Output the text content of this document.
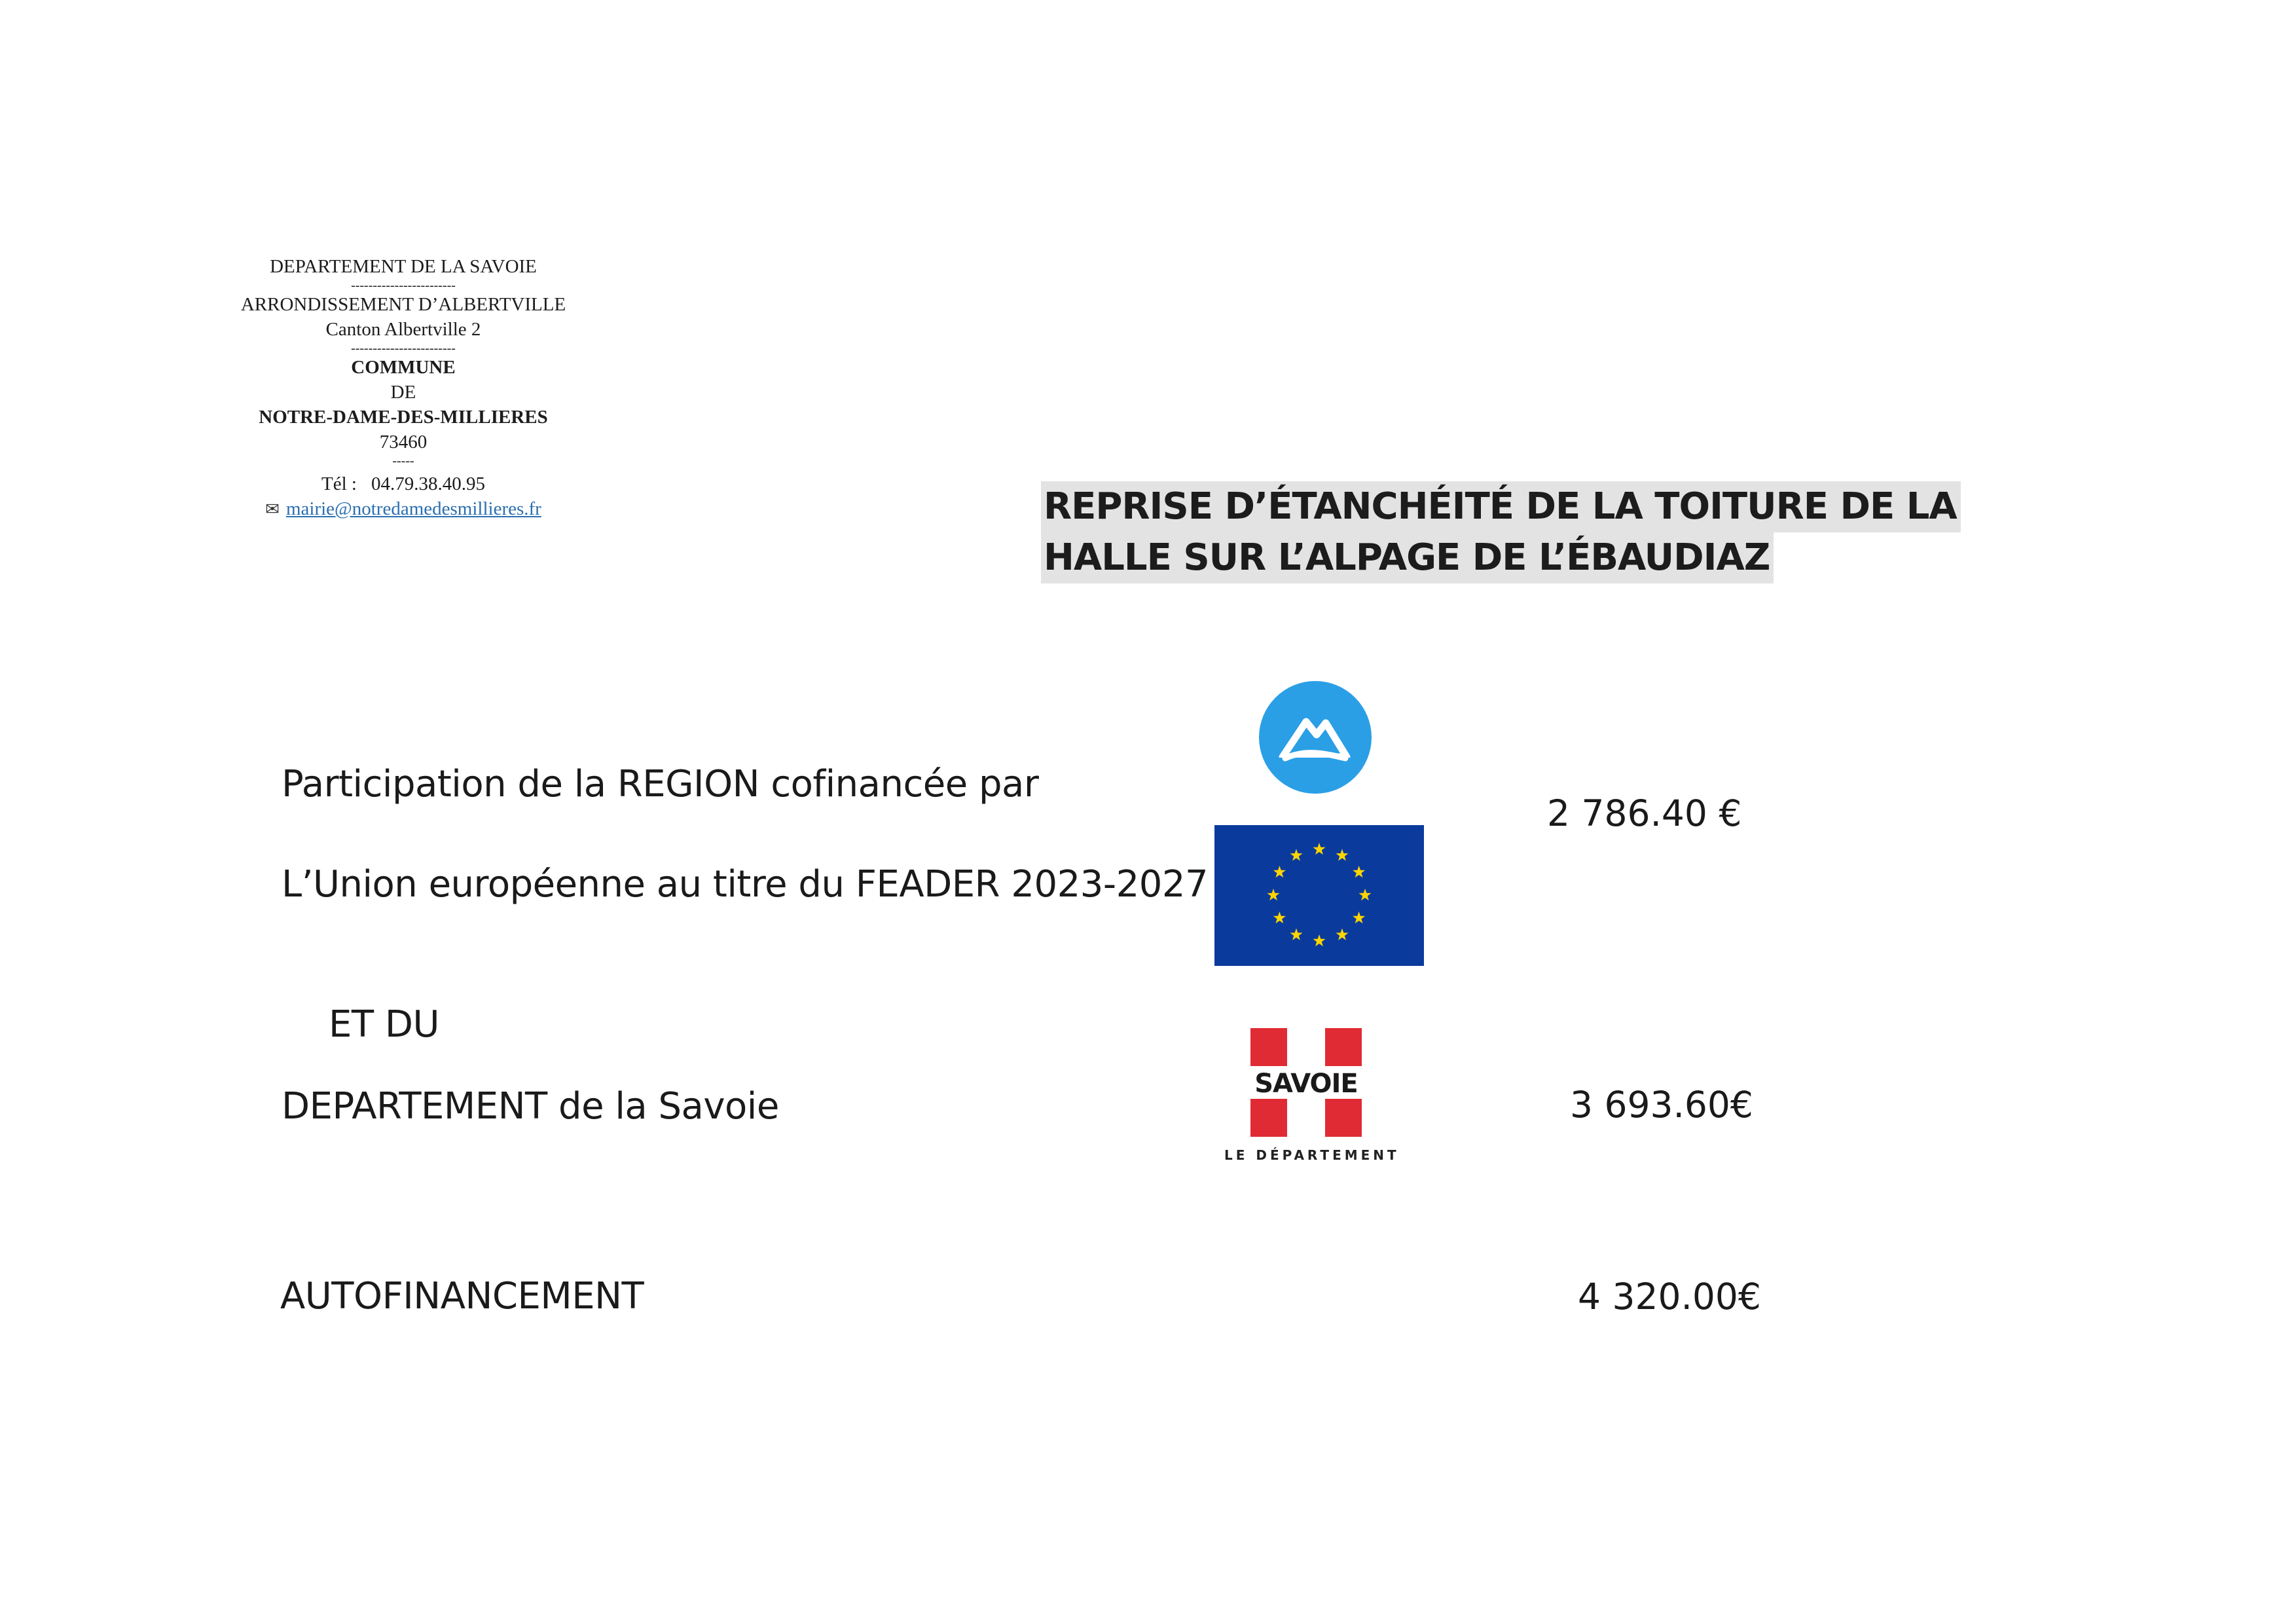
DEPARTEMENT DE LA SAVOIE
------------------------
ARRONDISSEMENT D’ALBERTVILLE
Canton Albertville 2
------------------------
COMMUNE
DE
NOTRE-DAME-DES-MILLIERES
73460
-----
Tél : 04.79.38.40.95
✉ mairie@notredamedesmillieres.fr	REPRISE D’ÉTANCHÉITÉ DE LA TOITURE DE LA
HALLE SUR L’ALPAGE DE L’ÉBAUDIAZ
Participation de la REGION cofinancée par
L’Union européenne au titre du FEADER 2023-2027
2 786.40 €
ET DU
DEPARTEMENT de la Savoie	3 693.60€
AUTOFINANCEMENT	4 320.00€
SAVOIE
LE DÉPARTEMENT
